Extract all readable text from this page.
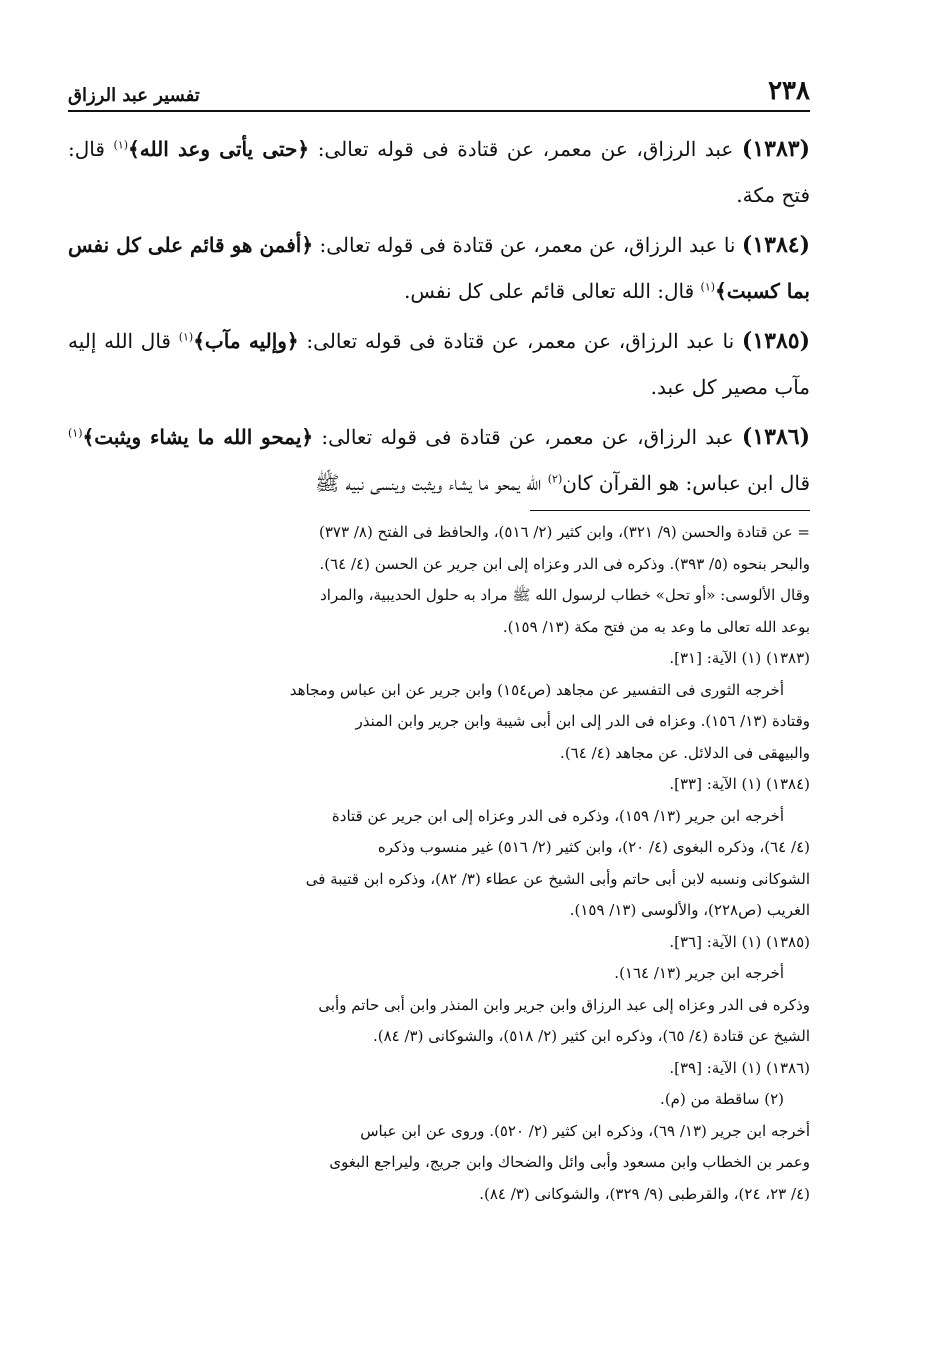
٢٣٨
تفسير عبد الرزاق

(١٣٨٣) عبد الرزاق، عن معمر، عن قتادة فى قوله تعالى: ﴿حتى يأتى وعد الله﴾$^{(١)}$ قال: فتح مكة.

(١٣٨٤) نا عبد الرزاق، عن معمر، عن قتادة فى قوله تعالى: ﴿أفمن هو قائم على كل نفس بما كسبت﴾$^{(١)}$ قال: الله تعالى قائم على كل نفس.

(١٣٨٥) نا عبد الرزاق، عن معمر، عن قتادة فى قوله تعالى: ﴿وإليه مآب﴾$^{(١)}$ قال الله إليه مآب مصير كل عبد.

(١٣٨٦) عبد الرزاق، عن معمر، عن قتادة فى قوله تعالى: ﴿يمحو الله ما يشاء ويثبت﴾$^{(١)}$ قال ابن عباس: هو القرآن كان$^{(٢)}$ الله يمحو ما يشاء ويثبت وينسى نبيه ﷺ

= عن قتادة والحسن (٩/ ٣٢١)، وابن كثير (٢/ ٥١٦)، والحافظ فى الفتح (٨/ ٣٧٣)

والبحر بنحوه (٥/ ٣٩٣). وذكره فى الدر وعزاه إلى ابن جرير عن الحسن (٤/ ٦٤).

وقال الألوسى: «أو تحل» خطاب لرسول الله ﷺ مراد به حلول الحديبية، والمراد

بوعد الله تعالى ما وعد به من فتح مكة (١٣/ ١٥٩).

(١٣٨٣) (١) الآية: [٣١].

أخرجه الثورى فى التفسير عن مجاهد (ص١٥٤) وابن جرير عن ابن عباس ومجاهد

وقتادة (١٣/ ١٥٦). وعزاه فى الدر إلى ابن أبى شيبة وابن جرير وابن المنذر

والبيهقى فى الدلائل. عن مجاهد (٤/ ٦٤).

(١٣٨٤) (١) الآية: [٣٣].

أخرجه ابن جرير (١٣/ ١٥٩)، وذكره فى الدر وعزاه إلى ابن جرير عن قتادة

(٤/ ٦٤)، وذكره البغوى (٤/ ٢٠)، وابن كثير (٢/ ٥١٦) غير منسوب وذكره

الشوكانى ونسبه لابن أبى حاتم وأبى الشيخ عن عطاء (٣/ ٨٢)، وذكره ابن قتيبة فى

الغريب (ص٢٢٨)، والألوسى (١٣/ ١٥٩).

(١٣٨٥) (١) الآية: [٣٦].

أخرجه ابن جرير (١٣/ ١٦٤).

وذكره فى الدر وعزاه إلى عبد الرزاق وابن جرير وابن المنذر وابن أبى حاتم وأبى

الشيخ عن قتادة (٤/ ٦٥)، وذكره ابن كثير (٢/ ٥١٨)، والشوكانى (٣/ ٨٤).

(١٣٨٦) (١) الآية: [٣٩].

(٢) ساقطة من (م).

أخرجه ابن جرير (١٣/ ٦٩)، وذكره ابن كثير (٢/ ٥٢٠). وروى عن ابن عباس

وعمر بن الخطاب وابن مسعود وأبى وائل والضحاك وابن جريج، وليراجع البغوى

(٤/ ٢٣، ٢٤)، والقرطبى (٩/ ٣٢٩)، والشوكانى (٣/ ٨٤).
